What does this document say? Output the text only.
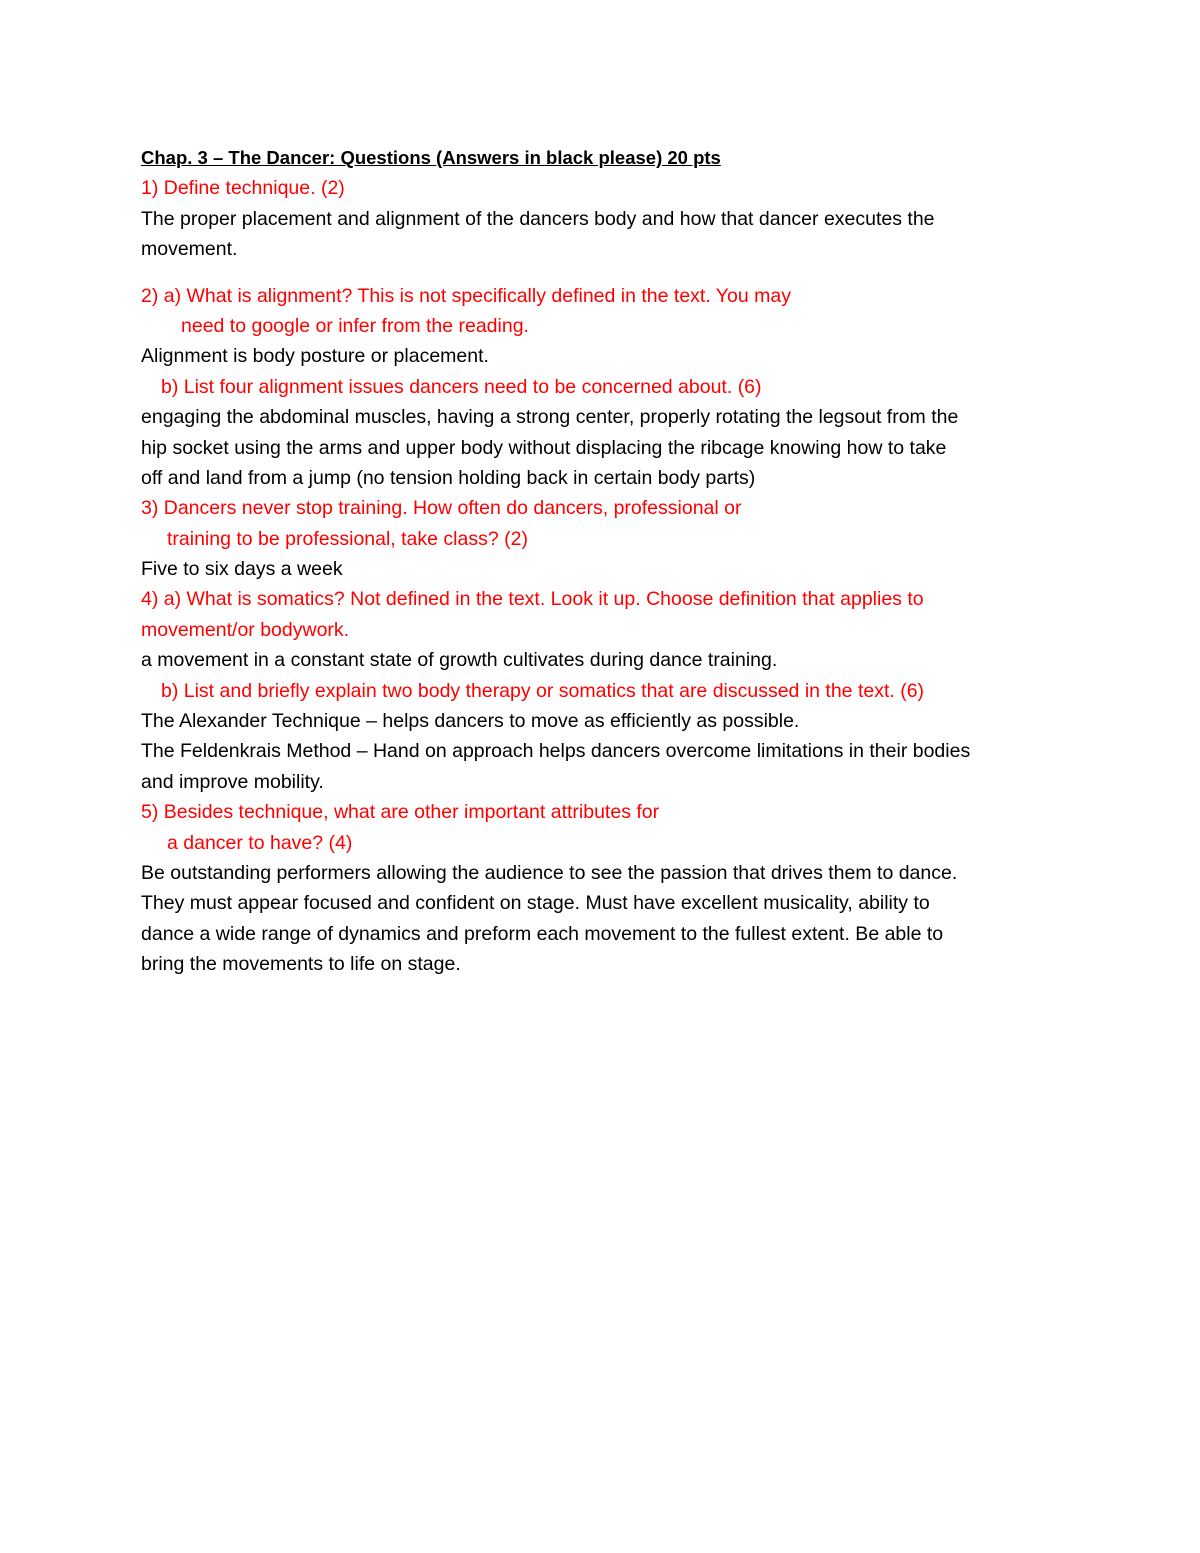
Chap. 3 – The Dancer: Questions (Answers in black please) 20 pts
1) Define technique. (2)
The proper placement and alignment of the dancers body and how that dancer executes the
movement.
2) a) What is alignment? This is not specifically defined in the text. You may
need to google or infer from the reading.
Alignment is body posture or placement.
b) List four alignment issues dancers need to be concerned about. (6)
engaging the abdominal muscles, having a strong center, properly rotating the legsout from the
hip socket using the arms and upper body without displacing the ribcage knowing how to take
off and land from a jump (no tension holding back in certain body parts)
3) Dancers never stop training. How often do dancers, professional or
training to be professional, take class? (2)
Five to six days a week
4) a) What is somatics? Not defined in the text. Look it up. Choose definition that applies to
movement/or bodywork.
a movement in a constant state of growth cultivates during dance training.
b) List and briefly explain two body therapy or somatics that are discussed in the text. (6)
The Alexander Technique – helps dancers to move as efficiently as possible.
The Feldenkrais Method – Hand on approach helps dancers overcome limitations in their bodies
and improve mobility.
5) Besides technique, what are other important attributes for
a dancer to have? (4)
Be outstanding performers allowing the audience to see the passion that drives them to dance.
They must appear focused and confident on stage. Must have excellent musicality, ability to
dance a wide range of dynamics and preform each movement to the fullest extent. Be able to
bring the movements to life on stage.
